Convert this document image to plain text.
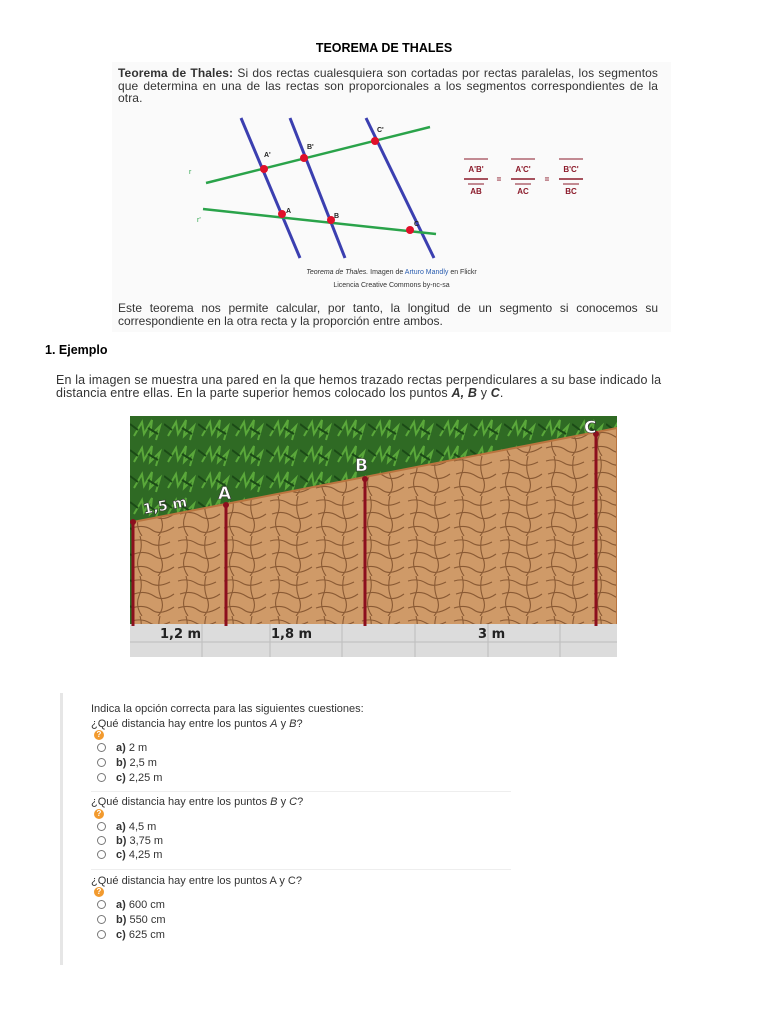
TEOREMA DE THALES
Teorema de Thales: Si dos rectas cualesquiera son cortadas por rectas paralelas, los segmentos que determina en una de las rectas son proporcionales a los segmentos correspondientes de la otra.
r
r'
A'
B'
C'
A
B
C
A'B'
AB
=
A'C'
AC
=
B'C'
BC
Teorema de Thales. Imagen de Arturo Mandly en Flickr
Licencia Creative Commons by-nc-sa
Este teorema nos permite calcular, por tanto, la longitud de un segmento si conocemos su correspondiente en la otra recta y la proporción entre ambos.
1. Ejemplo
En la imagen se muestra una pared en la que hemos trazado rectas perpendiculares a su base indicado la distancia entre ellas. En la parte superior hemos colocado los puntos A, B y C.
1,5 m
A
B
C
1,2 m	1,8 m	3 m
Indica la opción correcta para las siguientes cuestiones:
¿Qué distancia hay entre los puntos A y B?
?
a) 2 m
b) 2,5 m
c) 2,25 m
¿Qué distancia hay entre los puntos B y C?
?
a) 4,5 m
b) 3,75 m
c) 4,25 m
¿Qué distancia hay entre los puntos A y C?
?
a) 600 cm
b) 550 cm
c) 625 cm
